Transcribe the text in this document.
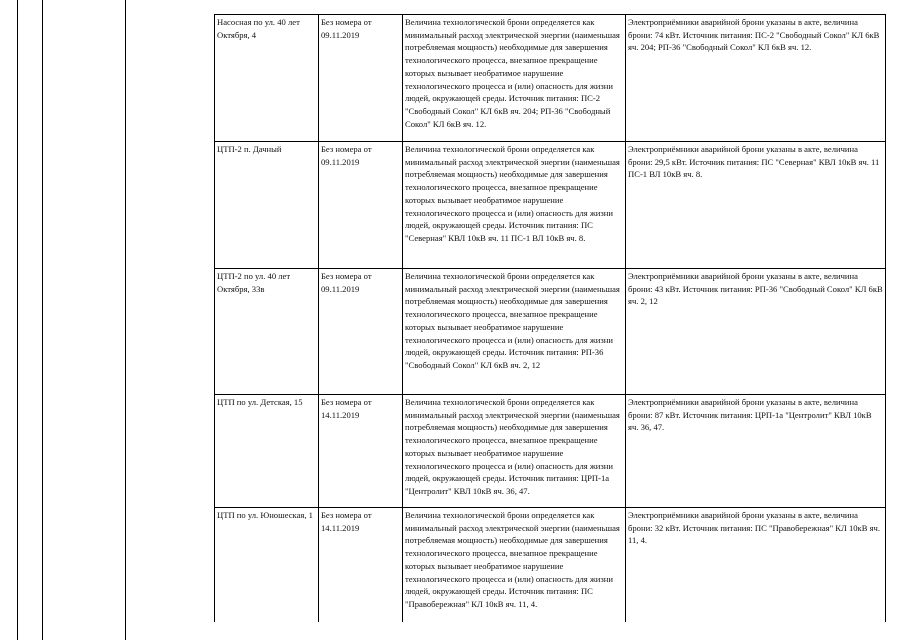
Насосная по ул. 40 лет Октября, 4	Без номера от 09.11.2019	Величина технологической брони определяется как минимальный расход электрической энергии (наименьшая потребляемая мощность) необходимые для завершения технологического процесса, внезапное прекращение которых вызывает необратимое нарушение технологического процесса и (или) опасность для жизни людей, окружающей среды. Источник питания: ПС-2 "Свободный Сокол" КЛ 6кВ яч. 204; РП-36 "Свободный Сокол" КЛ 6кВ яч. 12.	Электроприёмники аварийной брони указаны в акте, величина брони: 74 кВт. Источник питания: ПС-2 "Свободный Сокол" КЛ 6кВ яч. 204; РП-36 "Свободный Сокол" КЛ 6кВ яч. 12.
ЦТП-2 п. Дачный	Без номера от 09.11.2019	Величина технологической брони определяется как минимальный расход электрической энергии (наименьшая потребляемая мощность) необходимые для завершения технологического процесса, внезапное прекращение которых вызывает необратимое нарушение технологического процесса и (или) опасность для жизни людей, окружающей среды. Источник питания: ПС "Северная" КВЛ 10кВ яч. 11 ПС-1 ВЛ 10кВ яч. 8.	Электроприёмники аварийной брони указаны в акте, величина брони: 29,5 кВт. Источник питания: ПС "Северная" КВЛ 10кВ яч. 11 ПС-1 ВЛ 10кВ яч. 8.
ЦТП-2 по ул. 40 лет Октября, 33в	Без номера от 09.11.2019	Величина технологической брони определяется как минимальный расход электрической энергии (наименьшая потребляемая мощность) необходимые для завершения технологического процесса, внезапное прекращение которых вызывает необратимое нарушение технологического процесса и (или) опасность для жизни людей, окружающей среды. Источник питания: РП-36 "Свободный Сокол" КЛ 6кВ яч. 2, 12	Электроприёмники аварийной брони указаны в акте, величина брони: 43 кВт. Источник питания: РП-36 "Свободный Сокол" КЛ 6кВ яч. 2, 12
ЦТП по ул. Детская, 15	Без номера от 14.11.2019	Величина технологической брони определяется как минимальный расход электрической энергии (наименьшая потребляемая мощность) необходимые для завершения технологического процесса, внезапное прекращение которых вызывает необратимое нарушение технологического процесса и (или) опасность для жизни людей, окружающей среды. Источник питания: ЦРП-1а "Центролит" КВЛ 10кВ яч. 36, 47.	Электроприёмники аварийной брони указаны в акте, величина брони: 87 кВт. Источник питания: ЦРП-1а "Центролит" КВЛ 10кВ яч. 36, 47.
ЦТП по ул. Юношеская, 1	Без номера от 14.11.2019	Величина технологической брони определяется как минимальный расход электрической энергии (наименьшая потребляемая мощность) необходимые для завершения технологического процесса, внезапное прекращение которых вызывает необратимое нарушение технологического процесса и (или) опасность для жизни людей, окружающей среды. Источник питания: ПС "Правобережная" КЛ 10кВ яч. 11, 4.	Электроприёмники аварийной брони указаны в акте, величина брони: 32 кВт. Источник питания: ПС "Правобережная" КЛ 10кВ яч. 11, 4.
